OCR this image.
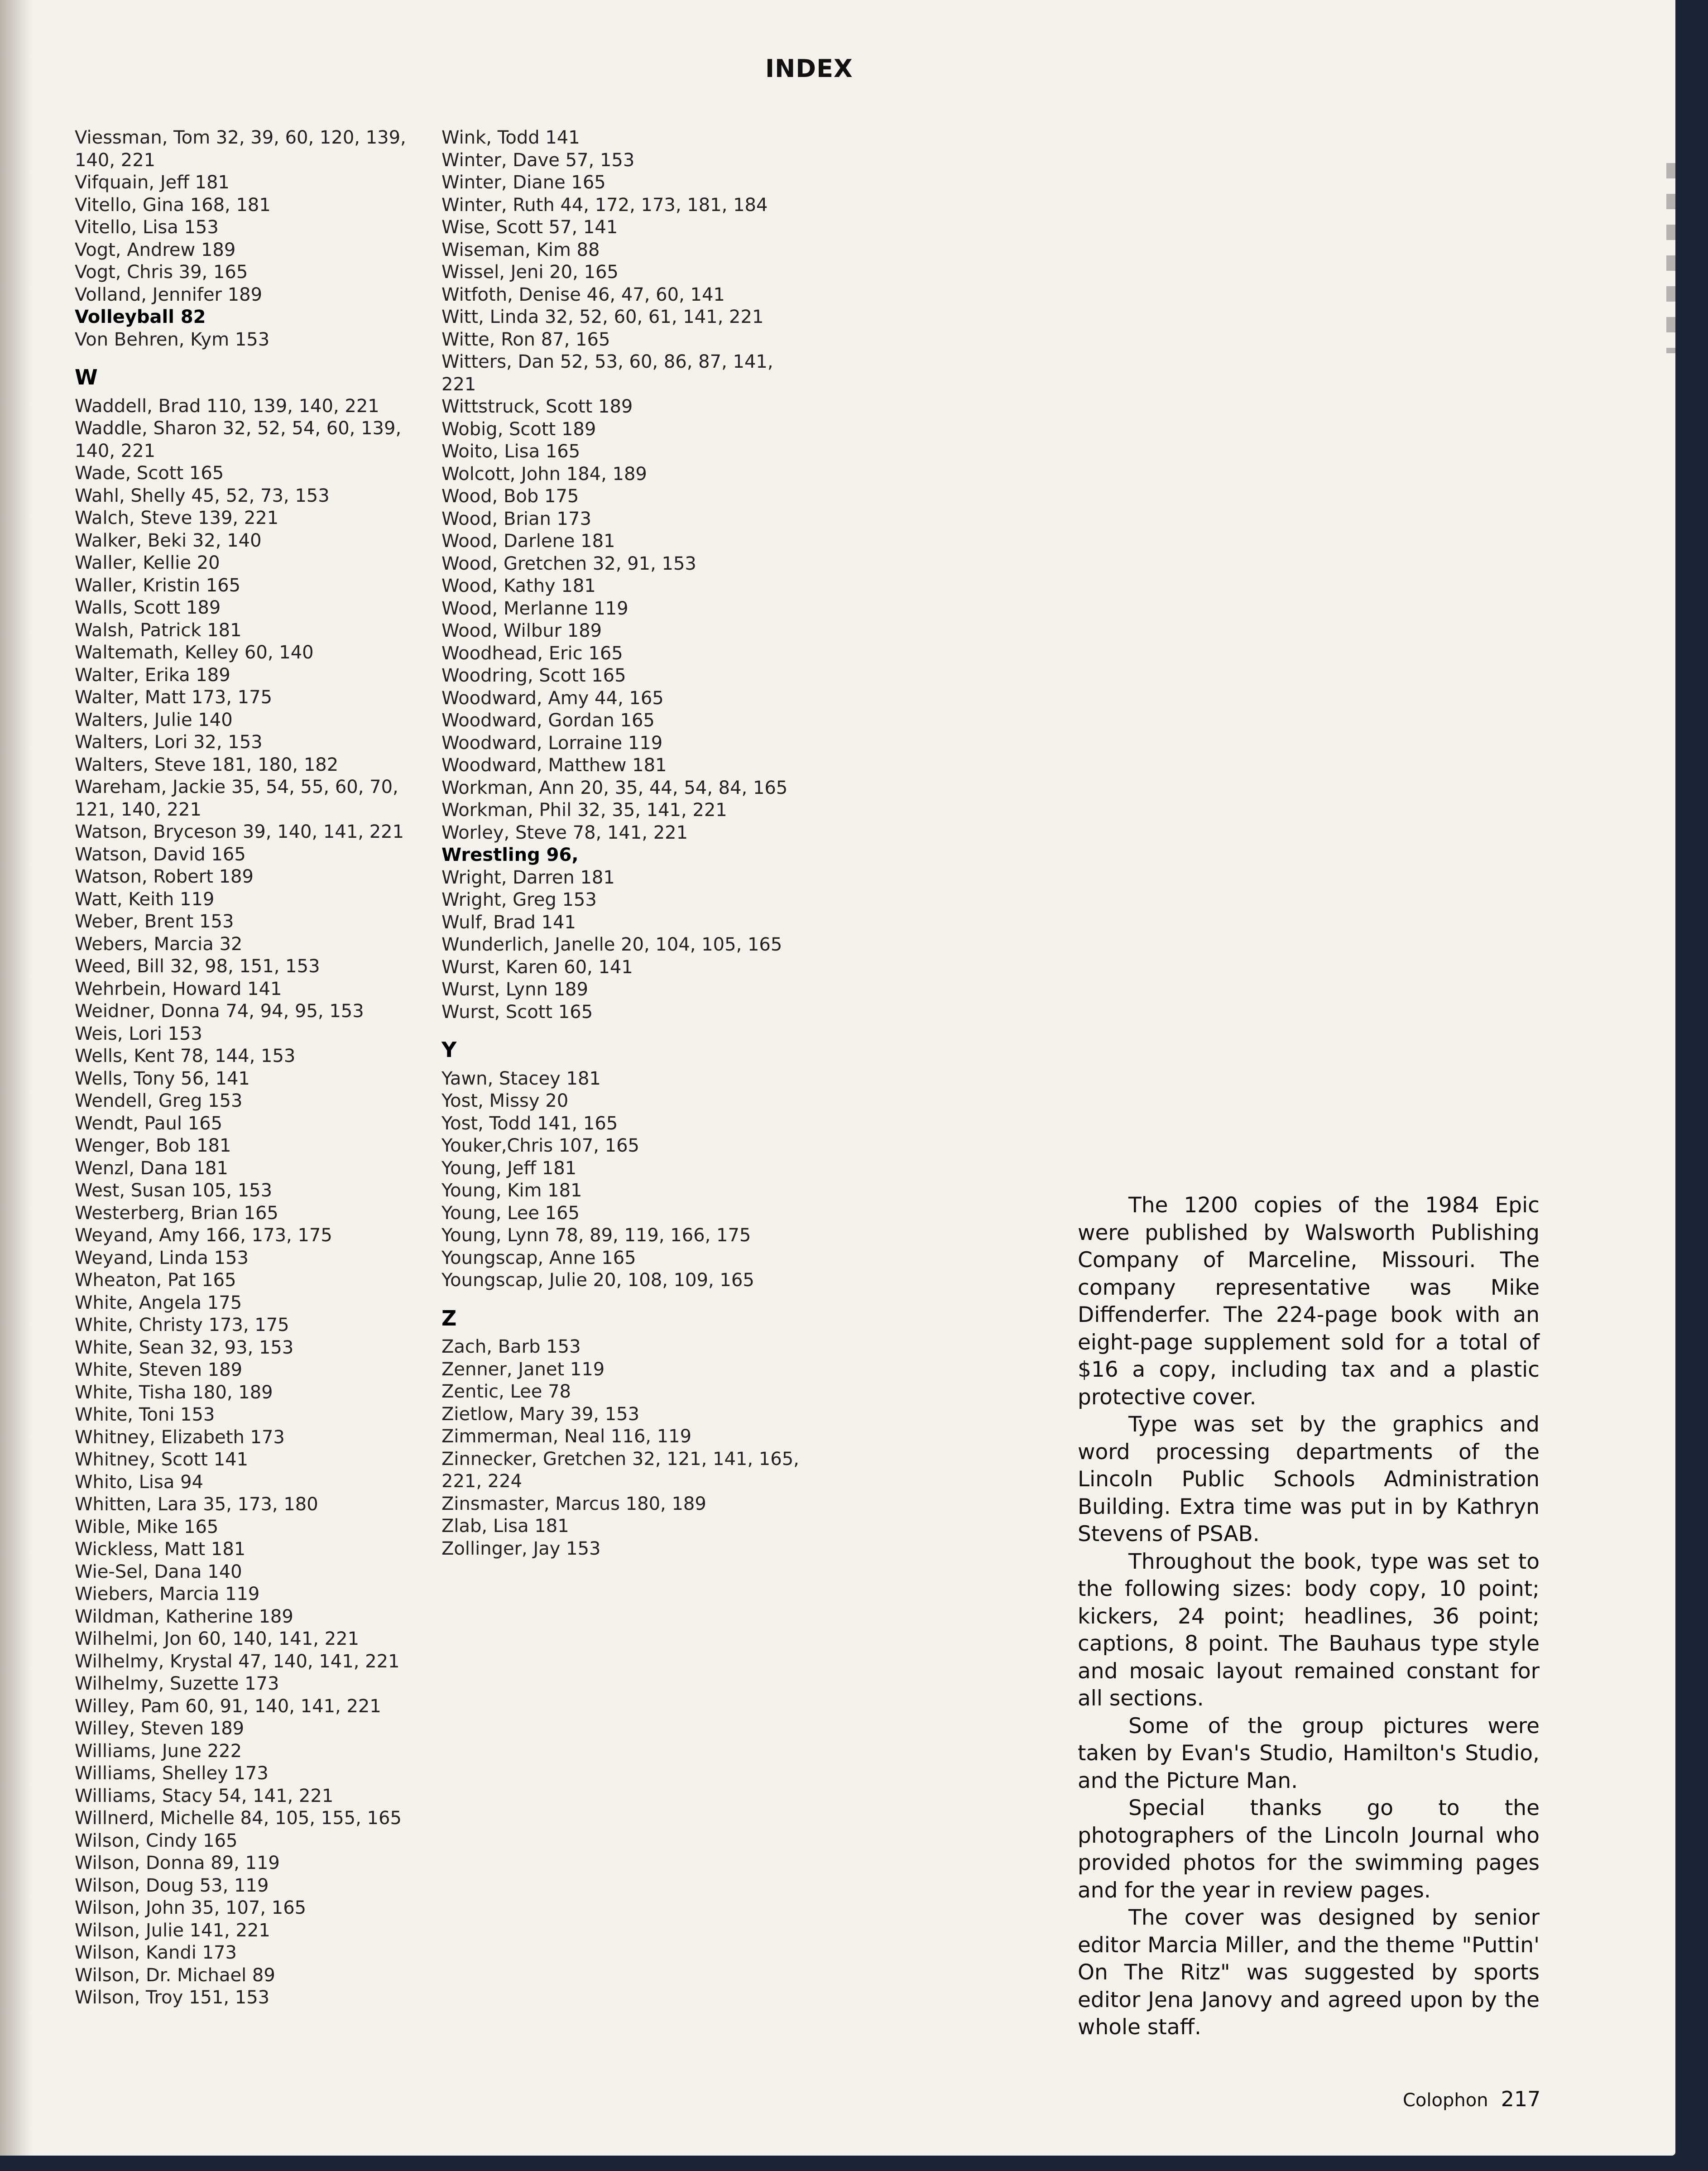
INDEX
Viessman, Tom 32, 39, 60, 120, 139, 140, 221
Vifquain, Jeff 181
Vitello, Gina 168, 181
Vitello, Lisa 153
Vogt, Andrew 189
Vogt, Chris 39, 165
Volland, Jennifer 189
Volleyball 82
Von Behren, Kym 153
W
Waddell, Brad 110, 139, 140, 221
Waddle, Sharon 32, 52, 54, 60, 139, 140, 221
Wade, Scott 165
Wahl, Shelly 45, 52, 73, 153
Walch, Steve 139, 221
Walker, Beki 32, 140
Waller, Kellie 20
Waller, Kristin 165
Walls, Scott 189
Walsh, Patrick 181
Waltemath, Kelley 60, 140
Walter, Erika 189
Walter, Matt 173, 175
Walters, Julie 140
Walters, Lori 32, 153
Walters, Steve 181, 180, 182
Wareham, Jackie 35, 54, 55, 60, 70, 121, 140, 221
Watson, Bryceson 39, 140, 141, 221
Watson, David 165
Watson, Robert 189
Watt, Keith 119
Weber, Brent 153
Webers, Marcia 32
Weed, Bill 32, 98, 151, 153
Wehrbein, Howard 141
Weidner, Donna 74, 94, 95, 153
Weis, Lori 153
Wells, Kent 78, 144, 153
Wells, Tony 56, 141
Wendell, Greg 153
Wendt, Paul 165
Wenger, Bob 181
Wenzl, Dana 181
West, Susan 105, 153
Westerberg, Brian 165
Weyand, Amy 166, 173, 175
Weyand, Linda 153
Wheaton, Pat 165
White, Angela 175
White, Christy 173, 175
White, Sean 32, 93, 153
White, Steven 189
White, Tisha 180, 189
White, Toni 153
Whitney, Elizabeth 173
Whitney, Scott 141
Whito, Lisa 94
Whitten, Lara 35, 173, 180
Wible, Mike 165
Wickless, Matt 181
Wie-Sel, Dana 140
Wiebers, Marcia 119
Wildman, Katherine 189
Wilhelmi, Jon 60, 140, 141, 221
Wilhelmy, Krystal 47, 140, 141, 221
Wilhelmy, Suzette 173
Willey, Pam 60, 91, 140, 141, 221
Willey, Steven 189
Williams, June 222
Williams, Shelley 173
Williams, Stacy 54, 141, 221
Willnerd, Michelle 84, 105, 155, 165
Wilson, Cindy 165
Wilson, Donna 89, 119
Wilson, Doug 53, 119
Wilson, John 35, 107, 165
Wilson, Julie 141, 221
Wilson, Kandi 173
Wilson, Dr. Michael 89
Wilson, Troy 151, 153
Wink, Todd 141
Winter, Dave 57, 153
Winter, Diane 165
Winter, Ruth 44, 172, 173, 181, 184
Wise, Scott 57, 141
Wiseman, Kim 88
Wissel, Jeni 20, 165
Witfoth, Denise 46, 47, 60, 141
Witt, Linda 32, 52, 60, 61, 141, 221
Witte, Ron 87, 165
Witters, Dan 52, 53, 60, 86, 87, 141, 221
Wittstruck, Scott 189
Wobig, Scott 189
Woito, Lisa 165
Wolcott, John 184, 189
Wood, Bob 175
Wood, Brian 173
Wood, Darlene 181
Wood, Gretchen 32, 91, 153
Wood, Kathy 181
Wood, Merlanne 119
Wood, Wilbur 189
Woodhead, Eric 165
Woodring, Scott 165
Woodward, Amy 44, 165
Woodward, Gordan 165
Woodward, Lorraine 119
Woodward, Matthew 181
Workman, Ann 20, 35, 44, 54, 84, 165
Workman, Phil 32, 35, 141, 221
Worley, Steve 78, 141, 221
Wrestling 96,
Wright, Darren 181
Wright, Greg 153
Wulf, Brad 141
Wunderlich, Janelle 20, 104, 105, 165
Wurst, Karen 60, 141
Wurst, Lynn 189
Wurst, Scott 165
Y
Yawn, Stacey 181
Yost, Missy 20
Yost, Todd 141, 165
Youker,Chris 107, 165
Young, Jeff 181
Young, Kim 181
Young, Lee 165
Young, Lynn 78, 89, 119, 166, 175
Youngscap, Anne 165
Youngscap, Julie 20, 108, 109, 165
Z
Zach, Barb 153
Zenner, Janet 119
Zentic, Lee 78
Zietlow, Mary 39, 153
Zimmerman, Neal 116, 119
Zinnecker, Gretchen 32, 121, 141, 165, 221, 224
Zinsmaster, Marcus 180, 189
Zlab, Lisa 181
Zollinger, Jay 153

The 1200 copies of the 1984 Epic were published by Walsworth Publishing Company of Marceline, Missouri. The company representative was Mike Diffenderfer. The 224-page book with an eight-page supplement sold for a total of $16 a copy, including tax and a plastic protective cover.

Type was set by the graphics and word processing departments of the Lincoln Public Schools Administration Building. Extra time was put in by Kathryn Stevens of PSAB.

Throughout the book, type was set to the following sizes: body copy, 10 point; kickers, 24 point; headlines, 36 point; captions, 8 point. The Bauhaus type style and mosaic layout remained constant for all sections.

Some of the group pictures were taken by Evan's Studio, Hamilton's Studio, and the Picture Man.

Special thanks go to the photographers of the Lincoln Journal who provided photos for the swimming pages and for the year in review pages.

The cover was designed by senior editor Marcia Miller, and the theme "Puttin' On The Ritz" was suggested by sports editor Jena Janovy and agreed upon by the whole staff.

Colophon 217
